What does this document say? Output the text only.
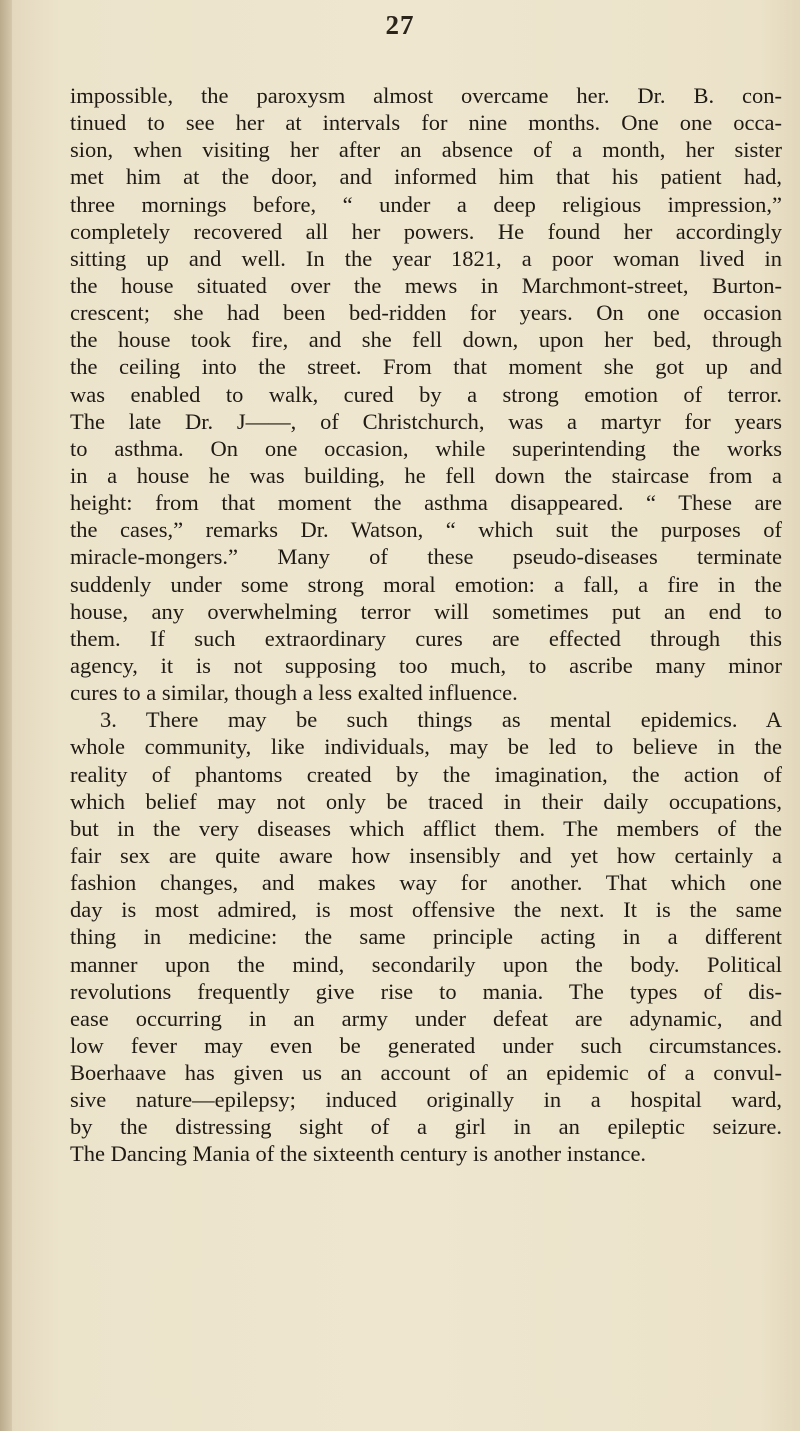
27
impossible, the paroxysm almost overcame her. Dr. B. con-
tinued to see her at intervals for nine months. One one occa-
sion, when visiting her after an absence of a month, her sister
met him at the door, and informed him that his patient had,
three mornings before, “ under a deep religious impression,”
completely recovered all her powers. He found her accordingly
sitting up and well. In the year 1821, a poor woman lived in
the house situated over the mews in Marchmont-street, Burton-
crescent; she had been bed-ridden for years. On one occasion
the house took fire, and she fell down, upon her bed, through
the ceiling into the street. From that moment she got up and
was enabled to walk, cured by a strong emotion of terror.
The late Dr. J——, of Christchurch, was a martyr for years
to asthma. On one occasion, while superintending the works
in a house he was building, he fell down the staircase from a
height: from that moment the asthma disappeared. “ These are
the cases,” remarks Dr. Watson, “ which suit the purposes of
miracle-mongers.” Many of these pseudo-diseases terminate
suddenly under some strong moral emotion: a fall, a fire in the
house, any overwhelming terror will sometimes put an end to
them. If such extraordinary cures are effected through this
agency, it is not supposing too much, to ascribe many minor
cures to a similar, though a less exalted influence.
3. There may be such things as mental epidemics. A
whole community, like individuals, may be led to believe in the
reality of phantoms created by the imagination, the action of
which belief may not only be traced in their daily occupations,
but in the very diseases which afflict them. The members of the
fair sex are quite aware how insensibly and yet how certainly a
fashion changes, and makes way for another. That which one
day is most admired, is most offensive the next. It is the same
thing in medicine: the same principle acting in a different
manner upon the mind, secondarily upon the body. Political
revolutions frequently give rise to mania. The types of dis-
ease occurring in an army under defeat are adynamic, and
low fever may even be generated under such circumstances.
Boerhaave has given us an account of an epidemic of a convul-
sive nature—epilepsy; induced originally in a hospital ward,
by the distressing sight of a girl in an epileptic seizure.
The Dancing Mania of the sixteenth century is another instance.
